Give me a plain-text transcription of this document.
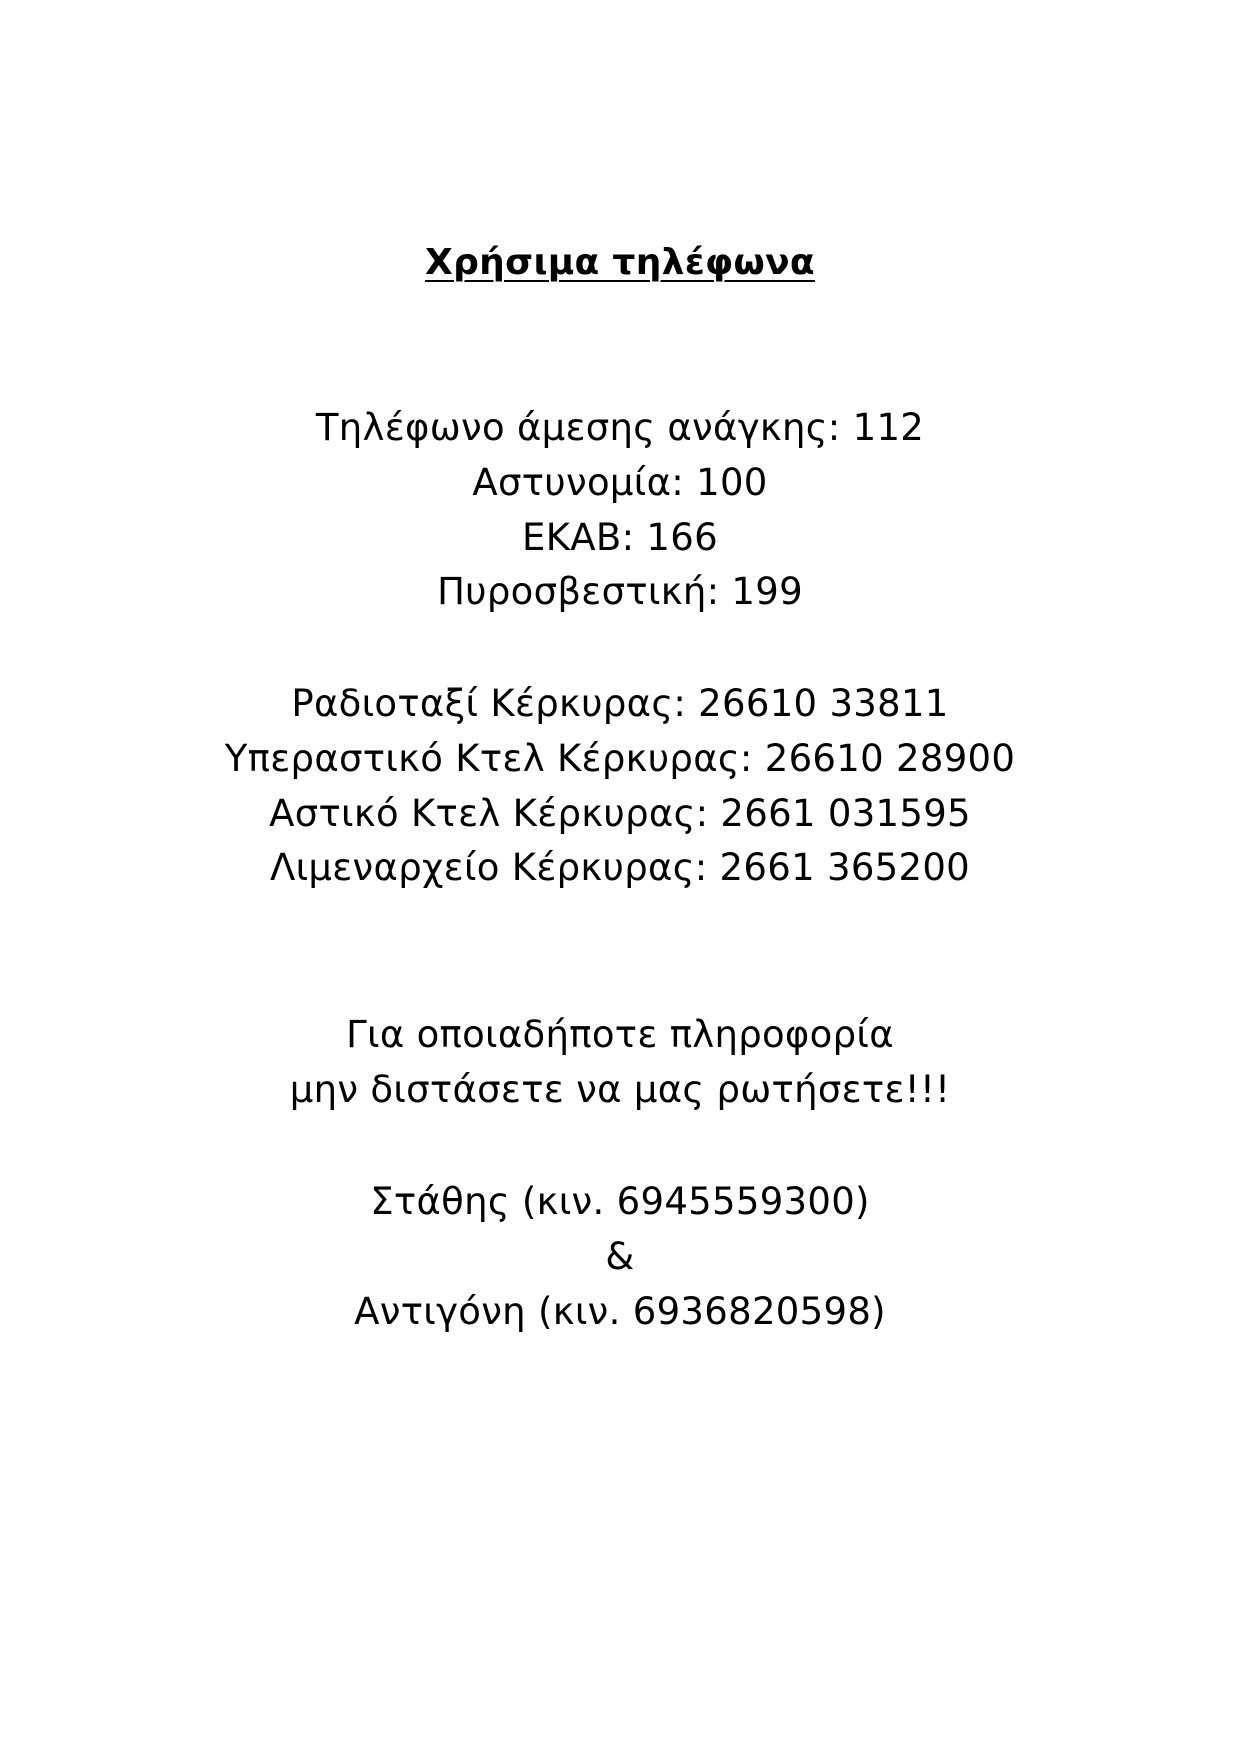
Χρήσιμα τηλέφωνα
Τηλέφωνο άμεσης ανάγκης: 112
Αστυνομία: 100
ΕΚΑΒ: 166
Πυροσβεστική: 199
Ραδιοταξί Κέρκυρας: 26610 33811
Υπεραστικό Κτελ Κέρκυρας: 26610 28900
Αστικό Κτελ Κέρκυρας: 2661 031595
Λιμεναρχείο Κέρκυρας: 2661 365200
Για οποιαδήποτε πληροφορία
μην διστάσετε να μας ρωτήσετε!!!
Στάθης (κιν. 6945559300)
&
Αντιγόνη (κιν. 6936820598)
